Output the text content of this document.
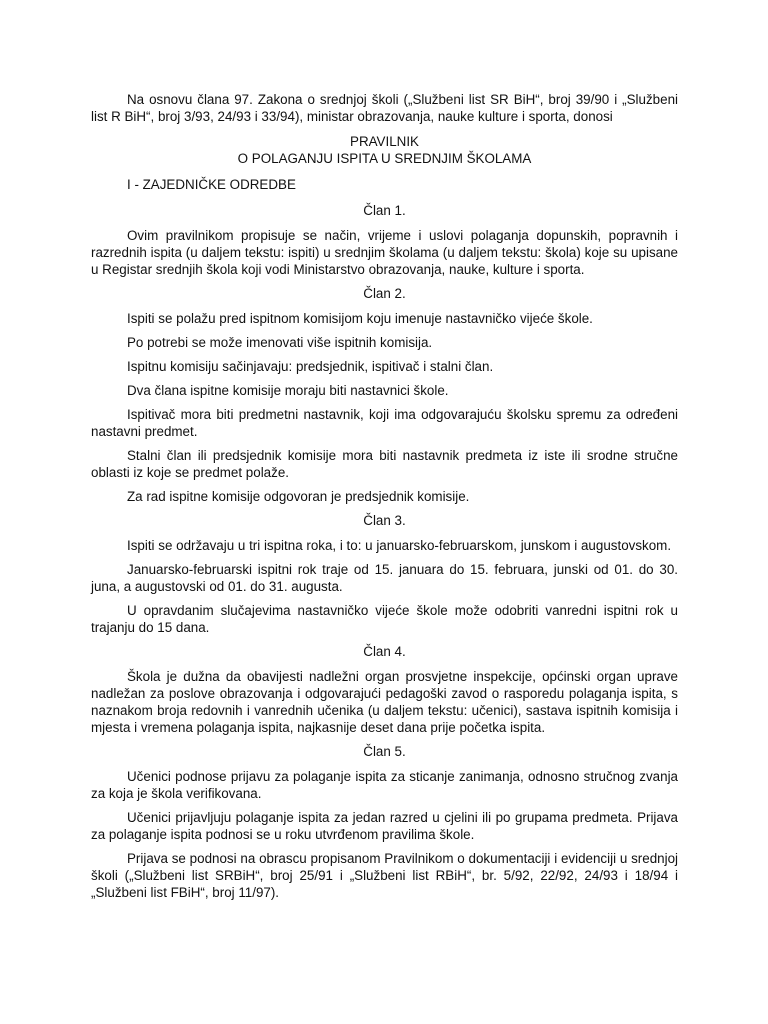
Na osnovu člana 97. Zakona o srednjoj školi („Službeni list SR BiH“, broj 39/90 i „Službeni list R BiH“, broj 3/93, 24/93 i 33/94), ministar obrazovanja, nauke kulture i sporta, donosi

PRAVILNIK

O POLAGANJU ISPITA U SREDNJIM ŠKOLAMA

I - ZAJEDNIČKE ODREDBE

Član 1.

Ovim pravilnikom propisuje se način, vrijeme i uslovi polaganja dopunskih, popravnih i razrednih ispita (u daljem tekstu: ispiti) u srednjim školama (u daljem tekstu: škola) koje su upisane u Registar srednjih škola koji vodi Ministarstvo obrazovanja, nauke, kulture i sporta.

Član 2.

Ispiti se polažu pred ispitnom komisijom koju imenuje nastavničko vijeće škole.

Po potrebi se može imenovati više ispitnih komisija.

Ispitnu komisiju sačinjavaju: predsjednik, ispitivač i stalni član.

Dva člana ispitne komisije moraju biti nastavnici škole.

Ispitivač mora biti predmetni nastavnik, koji ima odgovarajuću školsku spremu za određeni nastavni predmet.

Stalni član ili predsjednik komisije mora biti nastavnik predmeta iz iste ili srodne stručne oblasti iz koje se predmet polaže.

Za rad ispitne komisije odgovoran je predsjednik komisije.

Član 3.

Ispiti se održavaju u tri ispitna roka, i to: u januarsko-februarskom, junskom i augustovskom.

Januarsko-februarski ispitni rok traje od 15. januara do 15. februara, junski od 01. do 30. juna, a augustovski od 01. do 31. augusta.

U opravdanim slučajevima nastavničko vijeće škole može odobriti vanredni ispitni rok u trajanju do 15 dana.

Član 4.

Škola je dužna da obavijesti nadležni organ prosvjetne inspekcije, općinski organ uprave nadležan za poslove obrazovanja i odgovarajući pedagoški zavod o rasporedu polaganja ispita, s naznakom broja redovnih i vanrednih učenika (u daljem tekstu: učenici), sastava ispitnih komisija i mjesta i vremena polaganja ispita, najkasnije deset dana prije početka ispita.

Član 5.

Učenici podnose prijavu za polaganje ispita za sticanje zanimanja, odnosno stručnog zvanja za koja je škola verifikovana.

Učenici prijavljuju polaganje ispita za jedan razred u cjelini ili po grupama predmeta. Prijava za polaganje ispita podnosi se u roku utvrđenom pravilima škole.

Prijava se podnosi na obrascu propisanom Pravilnikom o dokumentaciji i evidenciji u srednjoj školi („Službeni list SRBiH“, broj 25/91 i „Službeni list RBiH“, br. 5/92, 22/92, 24/93 i 18/94 i „Službeni list FBiH“, broj 11/97).
